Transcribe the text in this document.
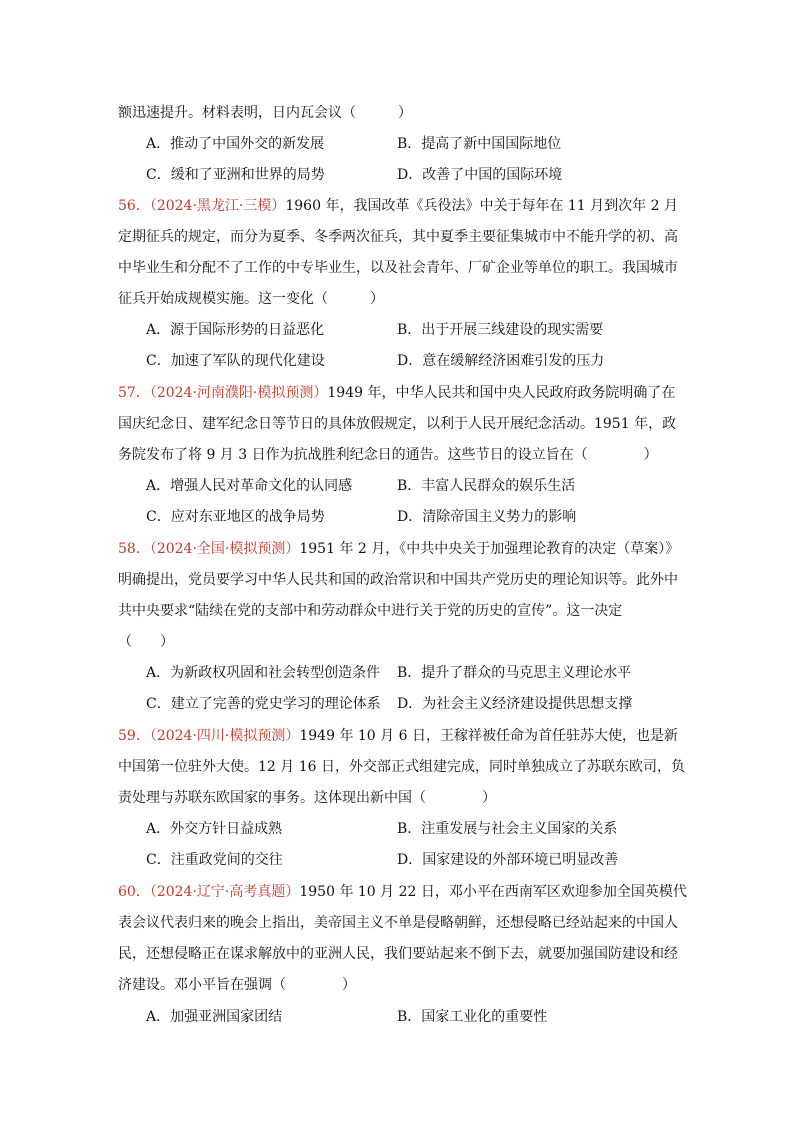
额迅速提升。材料表明，日内瓦会议（　　　）
A．推动了中国外交的新发展	B．提高了新中国国际地位
C．缓和了亚洲和世界的局势	D．改善了中国的国际环境
56．（2024·黑龙江·三模）1960 年，我国改革《兵役法》中关于每年在 11 月到次年 2 月
定期征兵的规定，而分为夏季、冬季两次征兵，其中夏季主要征集城市中不能升学的初、高
中毕业生和分配不了工作的中专毕业生，以及社会青年、厂矿企业等单位的职工。我国城市
征兵开始成规模实施。这一变化（　　　）
A．源于国际形势的日益恶化	B．出于开展三线建设的现实需要
C．加速了军队的现代化建设	D．意在缓解经济困难引发的压力
57．（2024·河南濮阳·模拟预测）1949 年，中华人民共和国中央人民政府政务院明确了在
国庆纪念日、建军纪念日等节日的具体放假规定，以利于人民开展纪念活动。1951 年，政
务院发布了将 9 月 3 日作为抗战胜利纪念日的通告。这些节日的设立旨在（　　　　）
A．增强人民对革命文化的认同感	B．丰富人民群众的娱乐生活
C．应对东亚地区的战争局势	D．清除帝国主义势力的影响
58．（2024·全国·模拟预测）1951 年 2 月，《中共中央关于加强理论教育的决定（草案）》
明确提出，党员要学习中华人民共和国的政治常识和中国共产党历史的理论知识等。此外中
共中央要求“陆续在党的支部中和劳动群众中进行关于党的历史的宣传”。这一决定
（　　）
A．为新政权巩固和社会转型创造条件 B．提升了群众的马克思主义理论水平
C．建立了完善的党史学习的理论体系 D．为社会主义经济建设提供思想支撑
59．（2024·四川·模拟预测）1949 年 10 月 6 日，王稼祥被任命为首任驻苏大使，也是新
中国第一位驻外大使。12 月 16 日，外交部正式组建完成，同时单独成立了苏联东欧司，负
责处理与苏联东欧国家的事务。这体现出新中国（　　　　）
A．外交方针日益成熟	B．注重发展与社会主义国家的关系
C．注重政党间的交往	D．国家建设的外部环境已明显改善
60．（2024·辽宁·高考真题）1950 年 10 月 22 日，邓小平在西南军区欢迎参加全国英模代
表会议代表归来的晚会上指出，美帝国主义不单是侵略朝鲜，还想侵略已经站起来的中国人
民，还想侵略正在谋求解放中的亚洲人民，我们要站起来不倒下去，就要加强国防建设和经
济建设。邓小平旨在强调（　　　　）
A．加强亚洲国家团结	B．国家工业化的重要性
